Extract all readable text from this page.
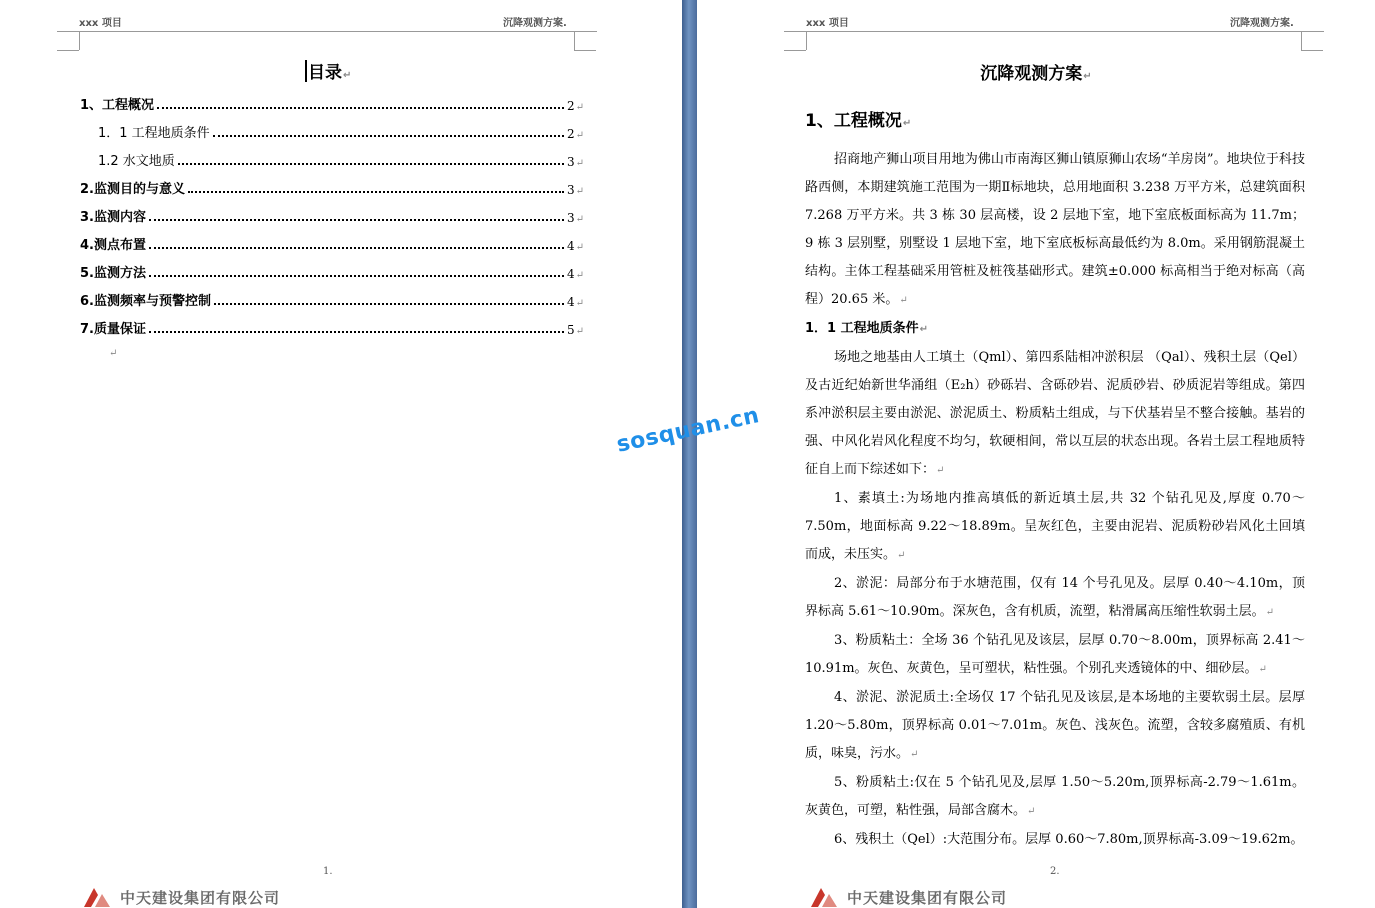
xxx 项目	沉降观测方案.
目录↵
1、工程概况	2 ↵
1．1 工程地质条件	2 ↵
1.2 水文地质	3 ↵
2.监测目的与意义	3 ↵
3.监测内容	3 ↵
4.测点布置	4 ↵
5.监测方法	4 ↵
6.监测频率与预警控制	4 ↵
7.质量保证	5 ↵
↵
1.
中天建设集团有限公司
xxx 项目	沉降观测方案.
沉降观测方案↵
1、工程概况↵

招商地产狮山项目用地为佛山市南海区狮山镇原狮山农场“羊房岗”。地块位于科技路西侧，本期建筑施工范围为一期Ⅱ标地块，总用地面积 3.238 万平方米，总建筑面积 7.268 万平方米。共 3 栋 30 层高楼，设 2 层地下室，地下室底板面标高为 11.7m；9 栋 3 层别墅，别墅设 1 层地下室，地下室底板标高最低约为 8.0m。采用钢筋混凝土结构。主体工程基础采用管桩及桩筏基础形式。建筑±0.000 标高相当于绝对标高（高程）20.65 米。↵

1．1 工程地质条件↵

场地之地基由人工填土（Qml）、第四系陆相冲淤积层 （Qal）、残积土层（Qel）及古近纪始新世华涌组（E₂h）砂砾岩、含砾砂岩、泥质砂岩、砂质泥岩等组成。第四系冲淤积层主要由淤泥、淤泥质土、粉质粘土组成，与下伏基岩呈不整合接触。基岩的强、中风化岩风化程度不均匀，软硬相间，常以互层的状态出现。各岩土层工程地质特征自上而下综述如下：↵

1、素填土:为场地内推高填低的新近填土层,共 32 个钻孔见及,厚度 0.70～7.50m，地面标高 9.22～18.89m。呈灰红色，主要由泥岩、泥质粉砂岩风化土回填而成，未压实。↵

2、淤泥：局部分布于水塘范围，仅有 14 个号孔见及。层厚 0.40～4.10m，顶界标高 5.61～10.90m。深灰色，含有机质，流塑，粘滑属高压缩性软弱土层。↵

3、粉质粘土：全场 36 个钻孔见及该层，层厚 0.70～8.00m，顶界标高 2.41～10.91m。灰色、灰黄色，呈可塑状，粘性强。个别孔夹透镜体的中、细砂层。↵

4、淤泥、淤泥质土:全场仅 17 个钻孔见及该层,是本场地的主要软弱土层。层厚 1.20～5.80m，顶界标高 0.01～7.01m。灰色、浅灰色。流塑，含较多腐殖质、有机质，味臭，污水。↵

5、粉质粘土:仅在 5 个钻孔见及,层厚 1.50～5.20m,顶界标高-2.79～1.61m。灰黄色，可塑，粘性强，局部含腐木。↵

6、残积土（Qel）:大范围分布。层厚 0.60～7.80m,顶界标高-3.09～19.62m。

2.
中天建设集团有限公司
sosquan.cn
